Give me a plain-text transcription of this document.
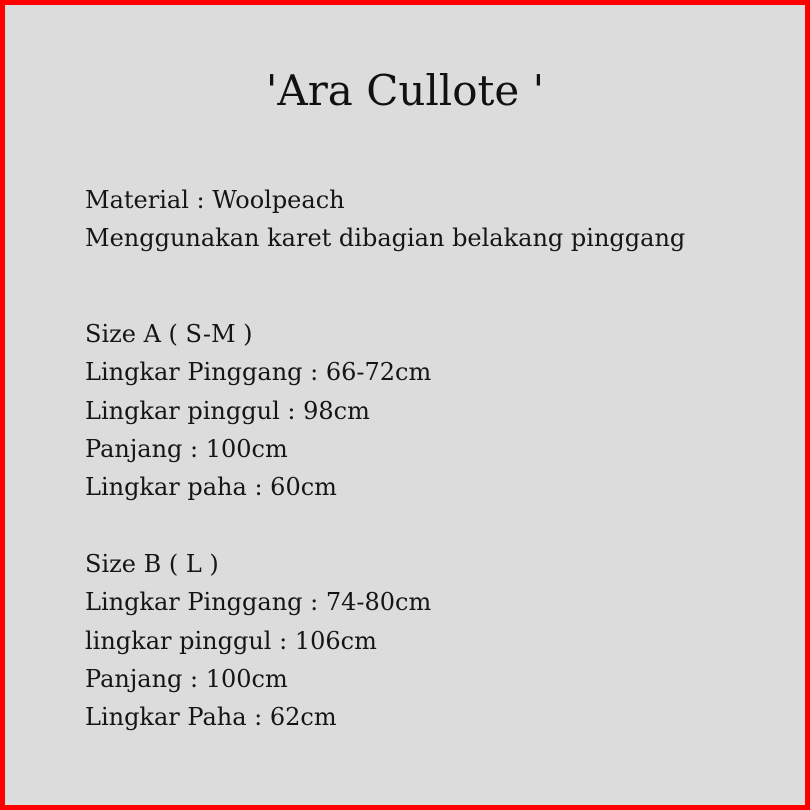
'Ara Cullote '
Material : Woolpeach
Menggunakan karet dibagian belakang pinggang
Size A ( S-M )
Lingkar Pinggang : 66-72cm
Lingkar pinggul : 98cm
Panjang : 100cm
Lingkar paha : 60cm
Size B ( L )
Lingkar Pinggang : 74-80cm
lingkar pinggul : 106cm
Panjang : 100cm
Lingkar Paha : 62cm
